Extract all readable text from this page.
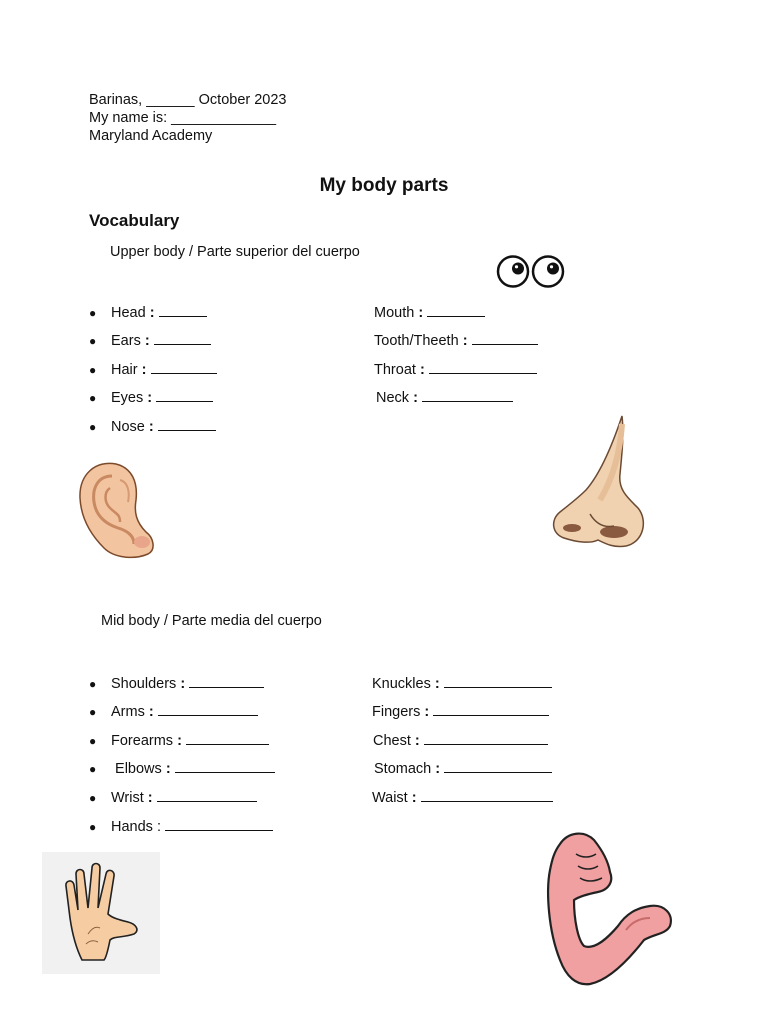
Barinas, ______ October 2023
My name is: _____________
Maryland Academy
My body parts
Vocabulary
Upper body / Parte superior del cuerpo
● Head :
● Ears :
● Hair :
● Eyes :
● Nose :
Mouth :
Tooth/Theeth :
Throat :
Neck :
Mid body / Parte media del cuerpo
● Shoulders :
● Arms :
● Forearms :
● Elbows :
● Wrist :
● Hands :
Knuckles :
Fingers :
Chest :
Stomach :
Waist :
